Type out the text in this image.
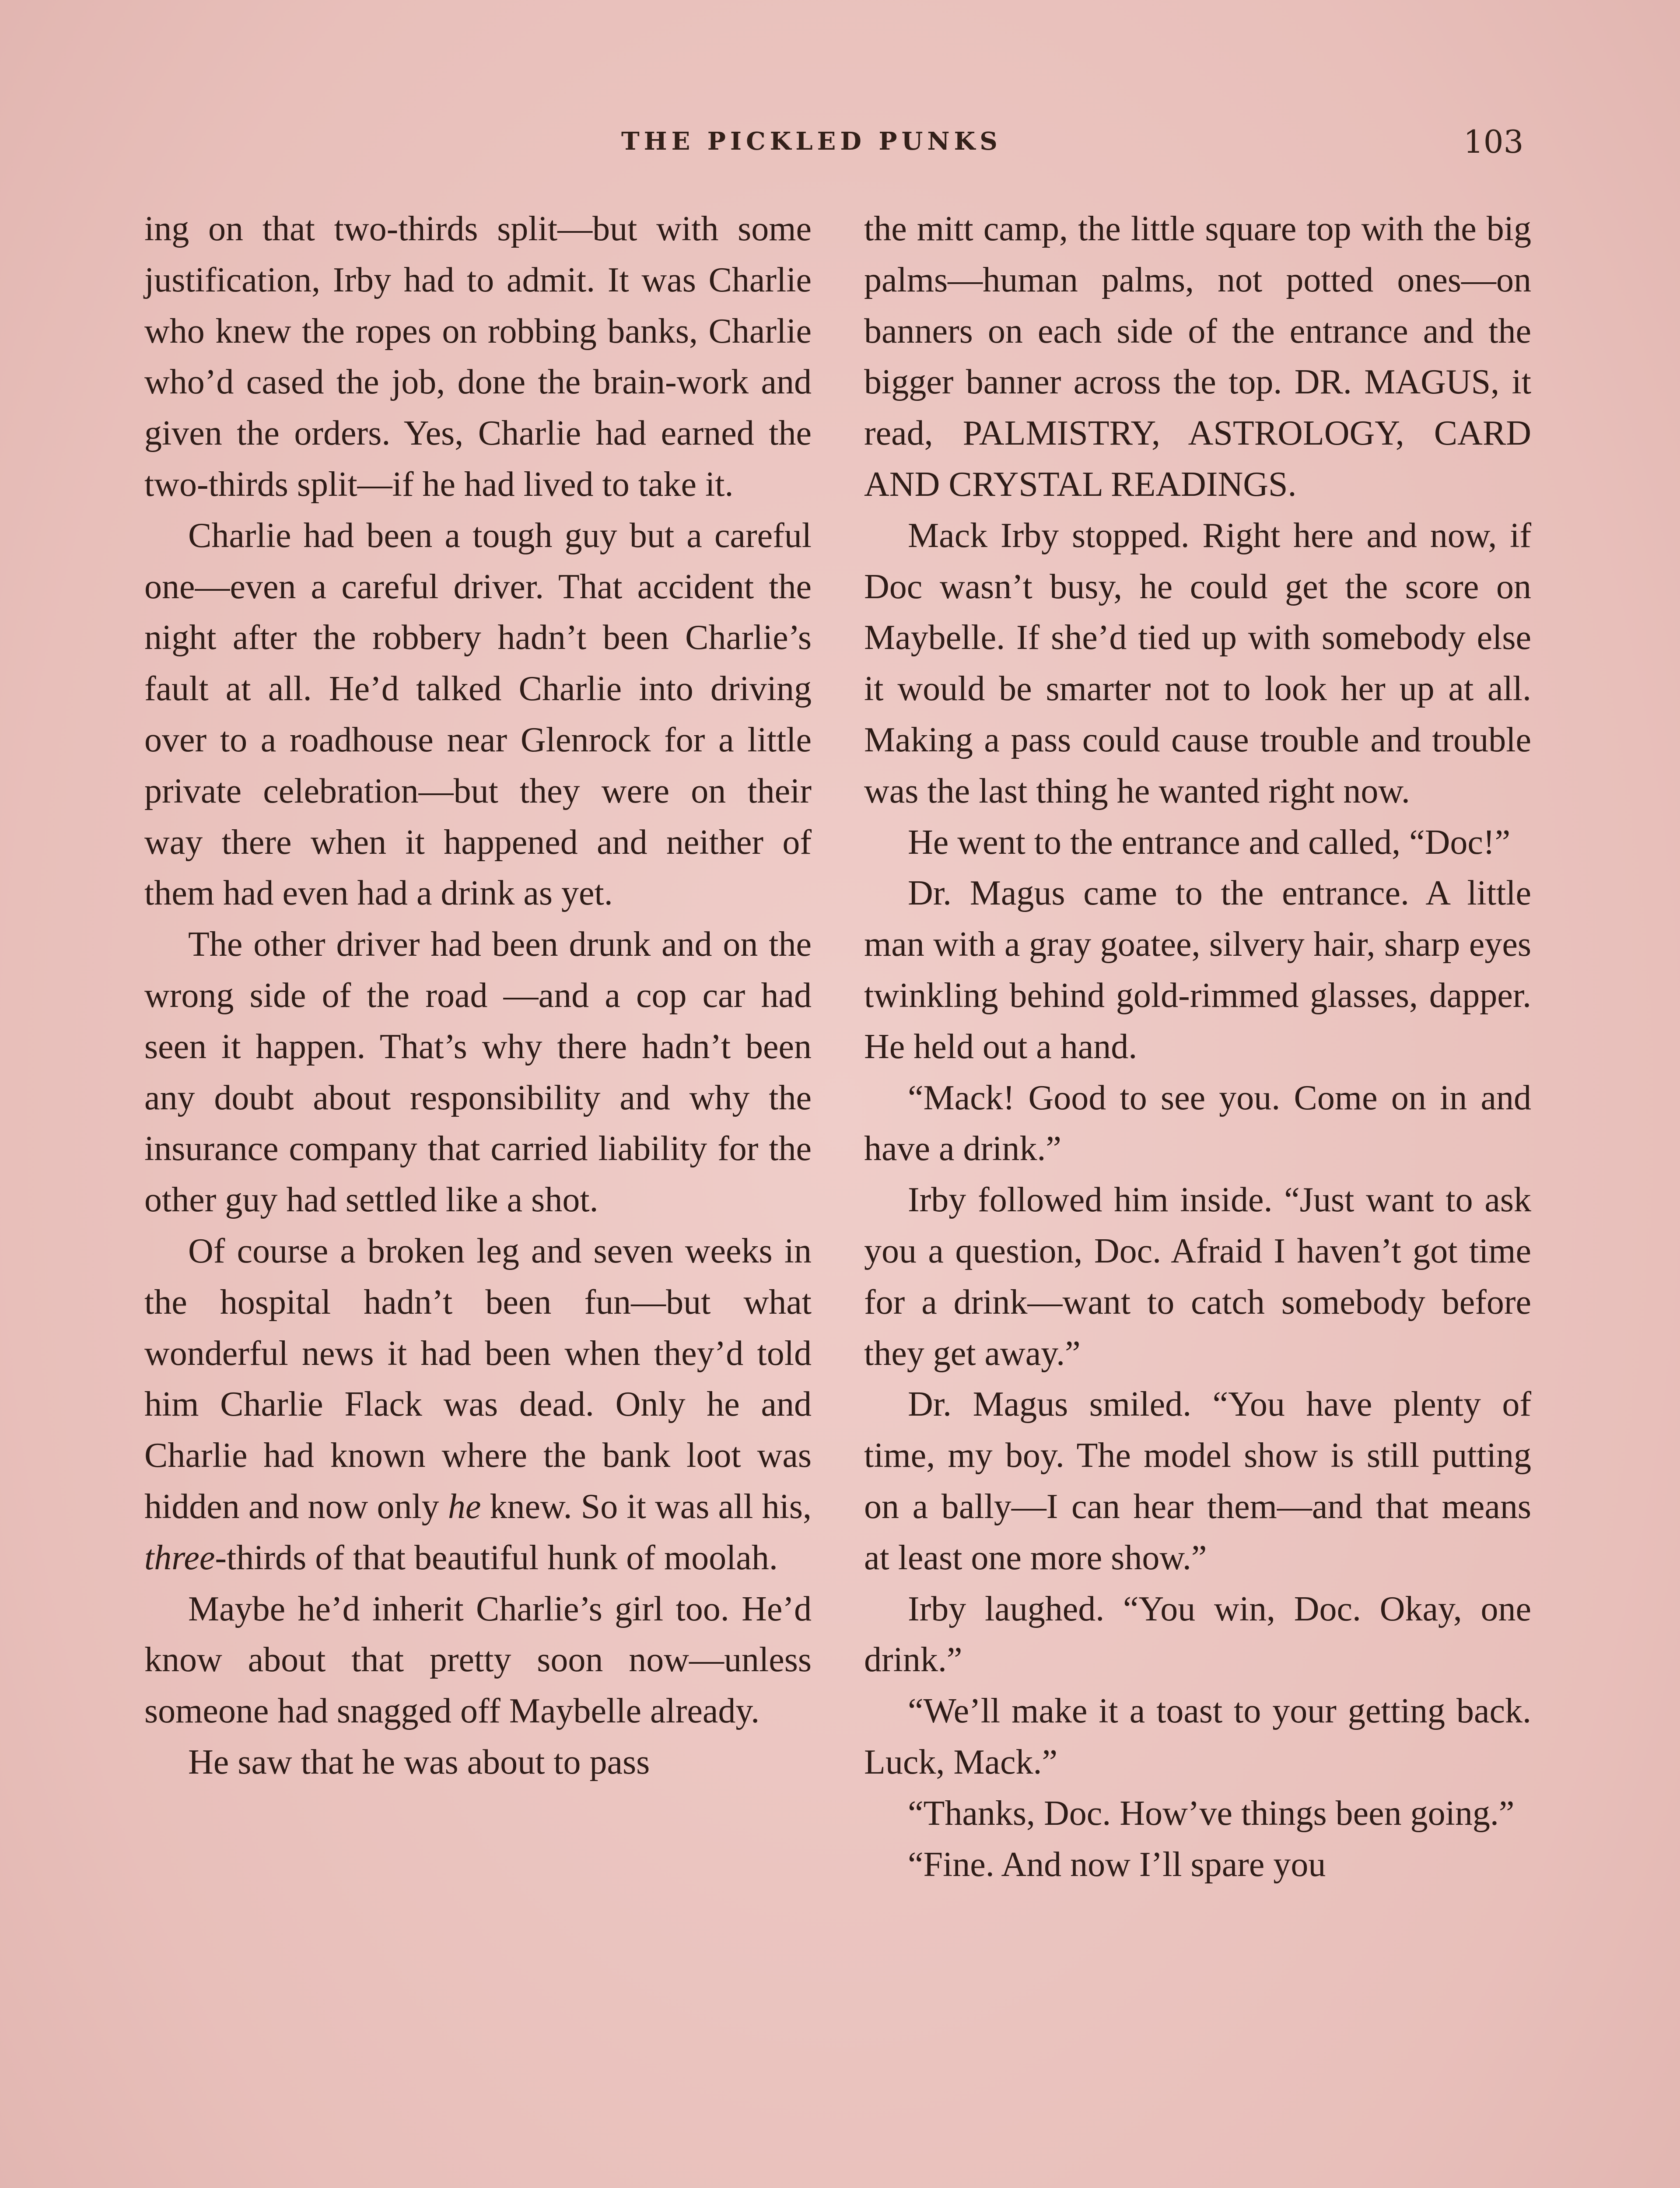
THE PICKLED PUNKS	103

ing on that two-thirds split—but with some justification, Irby had to admit. It was Charlie who knew the ropes on robbing banks, Charlie who’d cased the job, done the brain-work and given the orders. Yes, Charlie had earned the two-thirds split—if he had lived to take it.

Charlie had been a tough guy but a careful one—even a careful driver. That accident the night after the robbery hadn’t been Charlie’s fault at all. He’d talked Charlie into driving over to a roadhouse near Glenrock for a little private celebration—but they were on their way there when it happened and neither of them had even had a drink as yet.

The other driver had been drunk and on the wrong side of the road —and a cop car had seen it happen. That’s why there hadn’t been any doubt about responsibility and why the insurance company that carried liability for the other guy had settled like a shot.

Of course a broken leg and seven weeks in the hospital hadn’t been fun—but what wonderful news it had been when they’d told him Charlie Flack was dead. Only he and Charlie had known where the bank loot was hidden and now only he knew. So it was all his, three-thirds of that beautiful hunk of moolah.

Maybe he’d inherit Charlie’s girl too. He’d know about that pretty soon now—unless someone had snagged off Maybelle already.

He saw that he was about to pass

the mitt camp, the little square top with the big palms—human palms, not potted ones—on banners on each side of the entrance and the bigger banner across the top. DR. MAGUS, it read, PALMISTRY, ASTROLOGY, CARD AND CRYSTAL READINGS.

Mack Irby stopped. Right here and now, if Doc wasn’t busy, he could get the score on Maybelle. If she’d tied up with somebody else it would be smarter not to look her up at all. Making a pass could cause trouble and trouble was the last thing he wanted right now.

He went to the entrance and called, “Doc!”

Dr. Magus came to the entrance. A little man with a gray goatee, silvery hair, sharp eyes twinkling behind gold-rimmed glasses, dapper. He held out a hand.

“Mack! Good to see you. Come on in and have a drink.”

Irby followed him inside. “Just want to ask you a question, Doc. Afraid I haven’t got time for a drink—want to catch somebody before they get away.”

Dr. Magus smiled. “You have plenty of time, my boy. The model show is still putting on a bally—I can hear them—and that means at least one more show.”

Irby laughed. “You win, Doc. Okay, one drink.”

“We’ll make it a toast to your getting back. Luck, Mack.”

“Thanks, Doc. How’ve things been going.”

“Fine. And now I’ll spare you
